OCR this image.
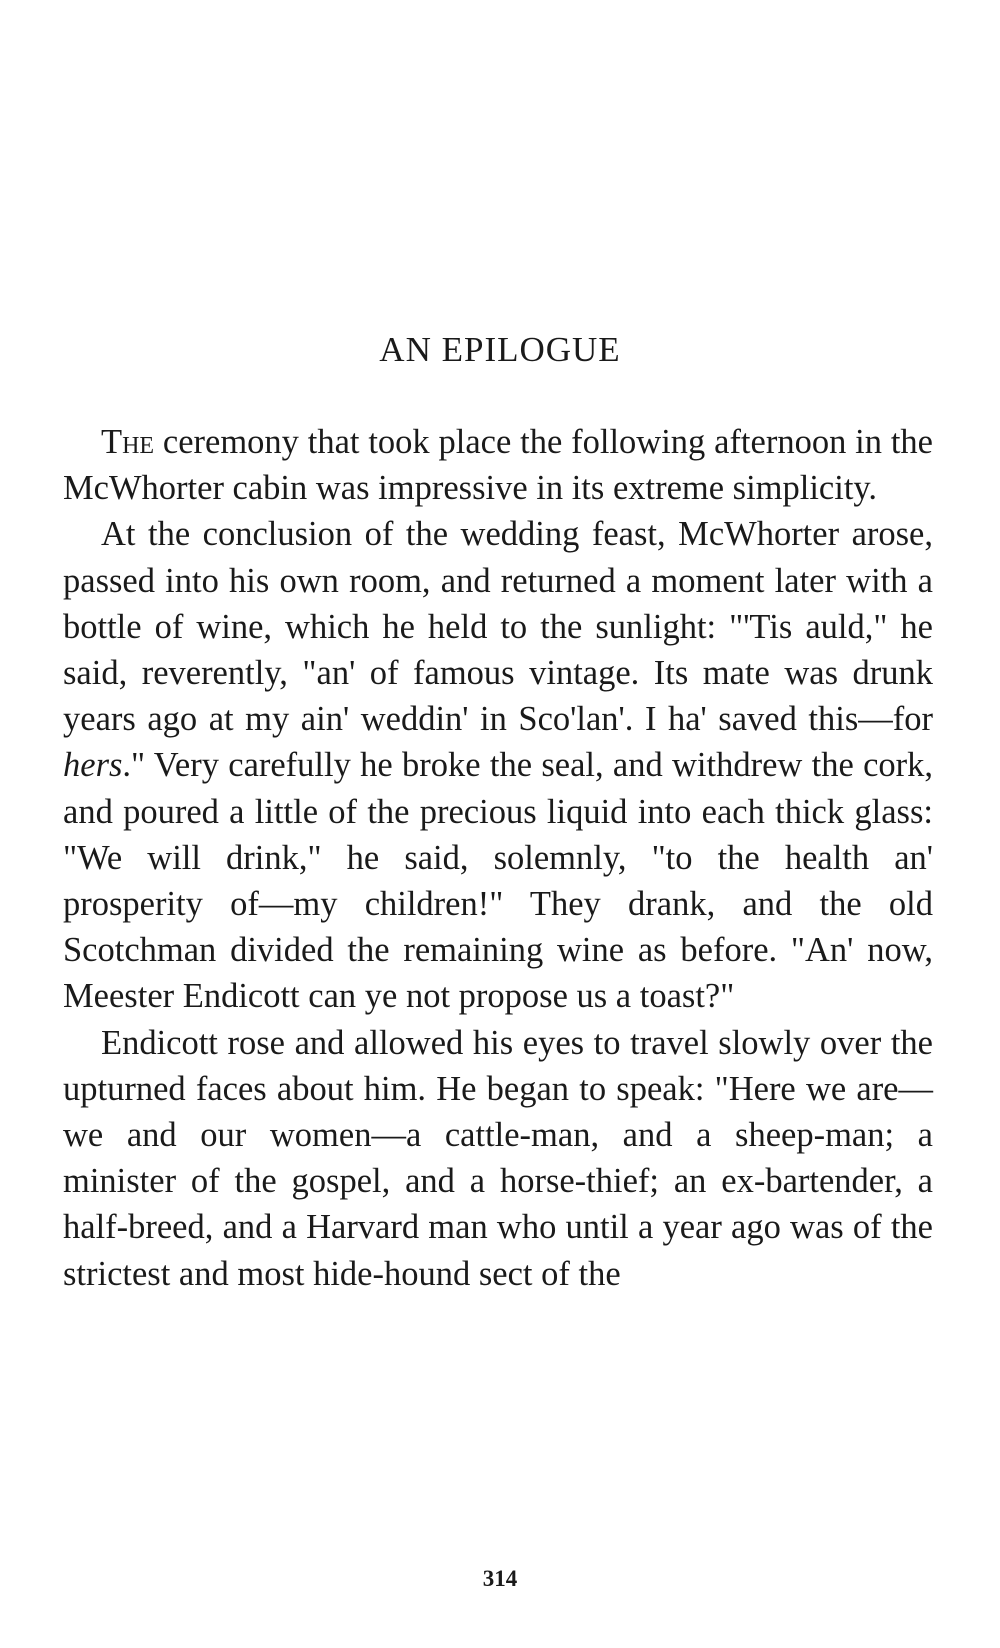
AN EPILOGUE

The ceremony that took place the following afternoon in the McWhorter cabin was impressive in its extreme simplicity.

At the conclusion of the wedding feast, McWhorter arose, passed into his own room, and returned a moment later with a bottle of wine, which he held to the sunlight: "'Tis auld," he said, reverently, "an' of famous vintage. Its mate was drunk years ago at my ain' weddin' in Sco'lan'. I ha' saved this—for hers." Very carefully he broke the seal, and withdrew the cork, and poured a little of the precious liquid into each thick glass: "We will drink," he said, solemnly, "to the health an' prosperity of—my children!" They drank, and the old Scotchman divided the remaining wine as before. "An' now, Meester Endicott can ye not propose us a toast?"

Endicott rose and allowed his eyes to travel slowly over the upturned faces about him. He began to speak: "Here we are—we and our women—a cattle-man, and a sheep-man; a minister of the gospel, and a horse-thief; an ex-bartender, a half-breed, and a Harvard man who until a year ago was of the strictest and most hide-hound sect of the

314
